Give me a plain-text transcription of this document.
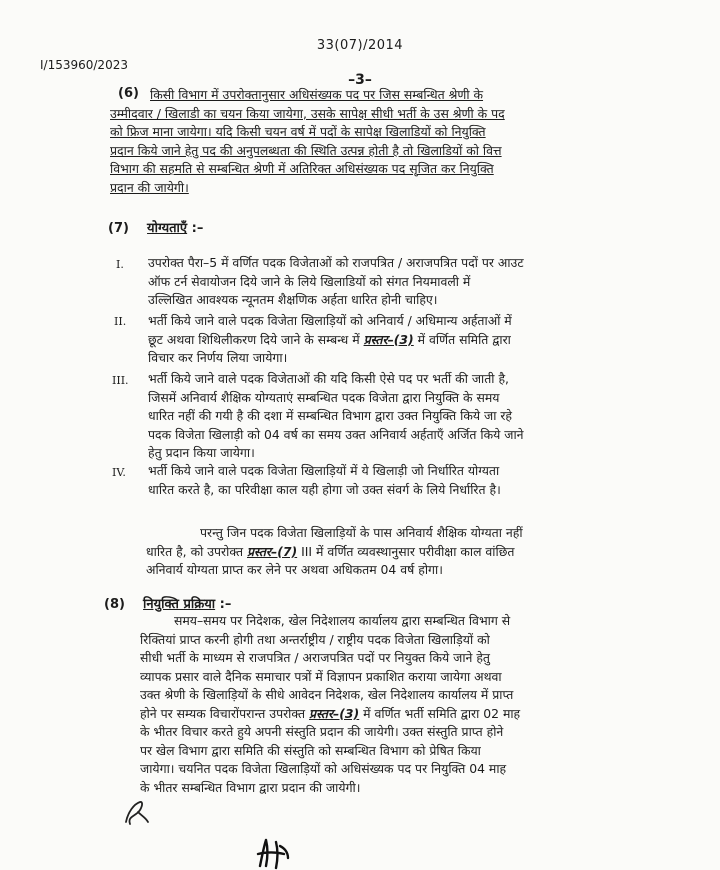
33(07)/2014
I/153960/2023
–3–
(6) किसी विभाग में उपरोक्तानुसार अधिसंख्यक पद पर जिस सम्बन्धित श्रेणी के
उम्मीदवार / खिलाडी का चयन किया जायेगा, उसके सापेक्ष सीधी भर्ती के उस श्रेणी के पद
को फ्रिज माना जायेगा। यदि किसी चयन वर्ष में पदों के सापेक्ष खिलाडियों को नियुक्ति
प्रदान किये जाने हेतु पद की अनुपलब्धता की स्थिति उत्पन्न होती है तो खिलाडियों को वित्त
विभाग की सहमति से सम्बन्धित श्रेणी में अतिरिक्त अधिसंख्यक पद सृजित कर नियुक्ति
प्रदान की जायेगी।
(7) योग्यताएँ :–
I. उपरोक्त पैरा–5 में वर्णित पदक विजेताओं को राजपत्रित / अराजपत्रित पदों पर आउट
ऑफ टर्न सेवायोजन दिये जाने के लिये खिलाडियों को संगत नियमावली में
उल्लिखित आवश्यक न्यूनतम शैक्षणिक अर्हता धारित होनी चाहिए।
II. भर्ती किये जाने वाले पदक विजेता खिलाड़ियों को अनिवार्य / अधिमान्य अर्हताओं में
छूट अथवा शिथिलीकरण दिये जाने के सम्बन्ध में प्रस्तर–(3) में वर्णित समिति द्वारा
विचार कर निर्णय लिया जायेगा।
III. भर्ती किये जाने वाले पदक विजेताओं की यदि किसी ऐसे पद पर भर्ती की जाती है,
जिसमें अनिवार्य शैक्षिक योग्यताएं सम्बन्धित पदक विजेता द्वारा नियुक्ति के समय
धारित नहीं की गयी है की दशा में सम्बन्धित विभाग द्वारा उक्त नियुक्ति किये जा रहे
पदक विजेता खिलाड़ी को 04 वर्ष का समय उक्त अनिवार्य अर्हताएँ अर्जित किये जाने
हेतु प्रदान किया जायेगा।
IV. भर्ती किये जाने वाले पदक विजेता खिलाड़ियों में ये खिलाड़ी जो निर्धारित योग्यता
धारित करते है, का परिवीक्षा काल यही होगा जो उक्त संवर्ग के लिये निर्धारित है।
परन्तु जिन पदक विजेता खिलाड़ियों के पास अनिवार्य शैक्षिक योग्यता नहीं
धारित है, को उपरोक्त प्रस्तर–(7) III में वर्णित व्यवस्थानुसार परीवीक्षा काल वांछित
अनिवार्य योग्यता प्राप्त कर लेने पर अथवा अधिकतम 04 वर्ष होगा।
(8) नियुक्ति प्रक्रिया :–
समय–समय पर निदेशक, खेल निदेशालय कार्यालय द्वारा सम्बन्धित विभाग से
रिक्तियां प्राप्त करनी होगी तथा अन्तर्राष्ट्रीय / राष्ट्रीय पदक विजेता खिलाड़ियों को
सीधी भर्ती के माध्यम से राजपत्रित / अराजपत्रित पदों पर नियुक्त किये जाने हेतु
व्यापक प्रसार वाले दैनिक समाचार पत्रों में विज्ञापन प्रकाशित कराया जायेगा अथवा
उक्त श्रेणी के खिलाड़ियों के सीधे आवेदन निदेशक, खेल निदेशालय कार्यालय में प्राप्त
होने पर सम्यक विचारोंपरान्त उपरोक्त प्रस्तर–(3) में वर्णित भर्ती समिति द्वारा 02 माह
के भीतर विचार करते हुये अपनी संस्तुति प्रदान की जायेगी। उक्त संस्तुति प्राप्त होने
पर खेल विभाग द्वारा समिति की संस्तुति को सम्बन्धित विभाग को प्रेषित किया
जायेगा। चयनित पदक विजेता खिलाड़ियों को अधिसंख्यक पद पर नियुक्ति 04 माह
के भीतर सम्बन्धित विभाग द्वारा प्रदान की जायेगी।
